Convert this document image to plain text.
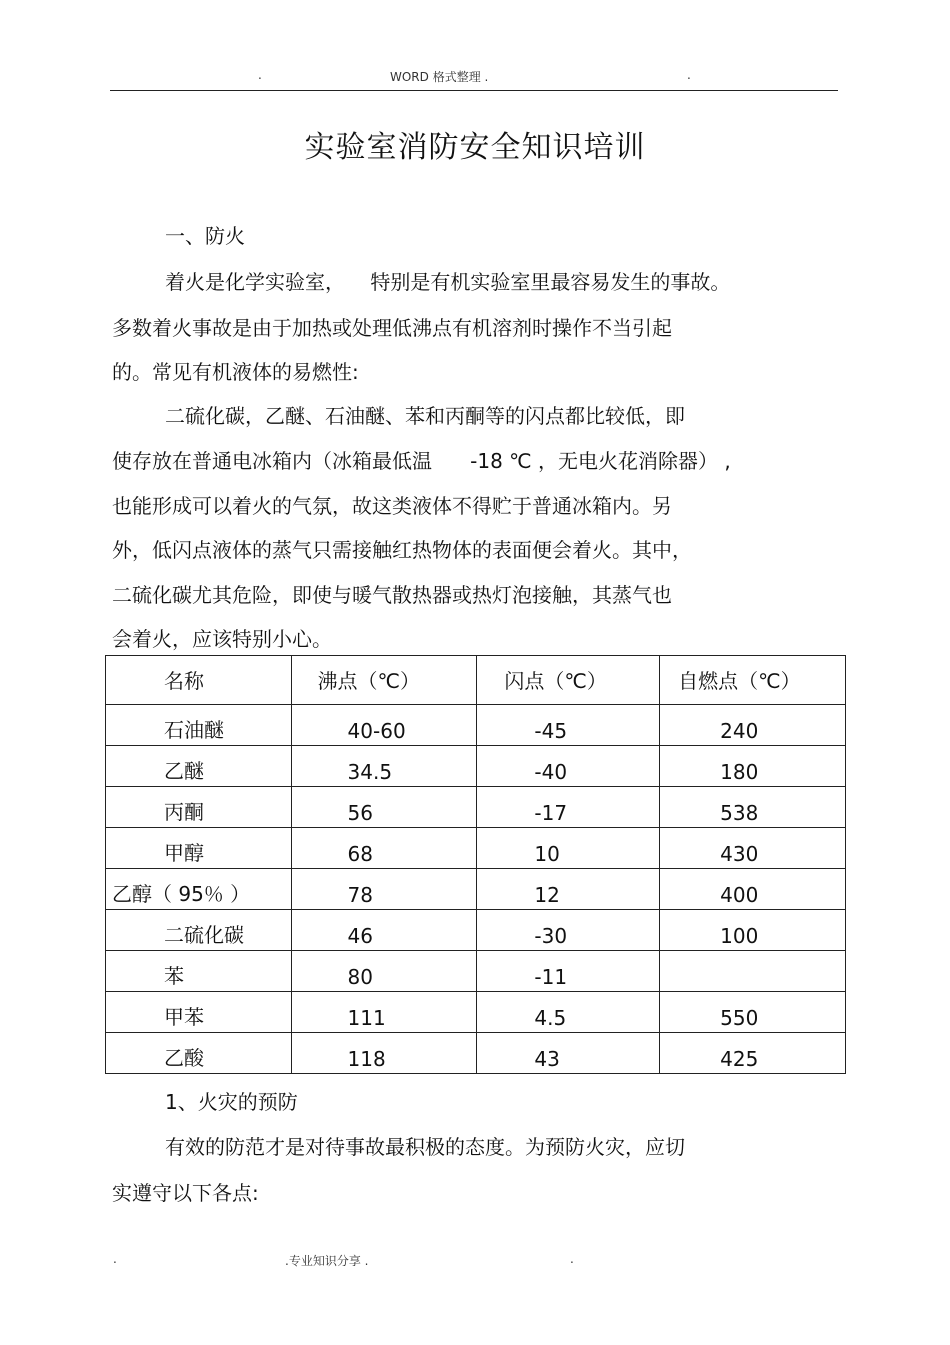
.	WORD 格式整理 .	.
实验室消防安全知识培训
一、防火
着火是化学实验室，    特别是有机实验室里最容易发生的事故。
多数着火事故是由于加热或处理低沸点有机溶剂时操作不当引起
的。常见有机液体的易燃性:
二硫化碳，乙醚、石油醚、苯和丙酮等的闪点都比较低，即
使存放在普通电冰箱内（冰箱最低温      -18 ℃ ，无电火花消除器） ,
也能形成可以着火的气氛，故这类液体不得贮于普通冰箱内。另
外，低闪点液体的蒸气只需接触红热物体的表面便会着火。其中，
二硫化碳尤其危险，即使与暖气散热器或热灯泡接触，其蒸气也
会着火，应该特别小心。
名称	沸点（℃）	闪点（℃）	自燃点（℃）

石油醚	40-60	-45	240

乙醚	34.5	-40	180

丙酮	56	-17	538

甲醇	68	10	430

乙醇（ 95％ ）	78	12	400

二硫化碳	46	-30	100

苯	80	-11	

甲苯	111	4.5	550

乙酸	118	43	425
1、火灾的预防
有效的防范才是对待事故最积极的态度。为预防火灾，应切
实遵守以下各点:
.	.专业知识分享 .	.
